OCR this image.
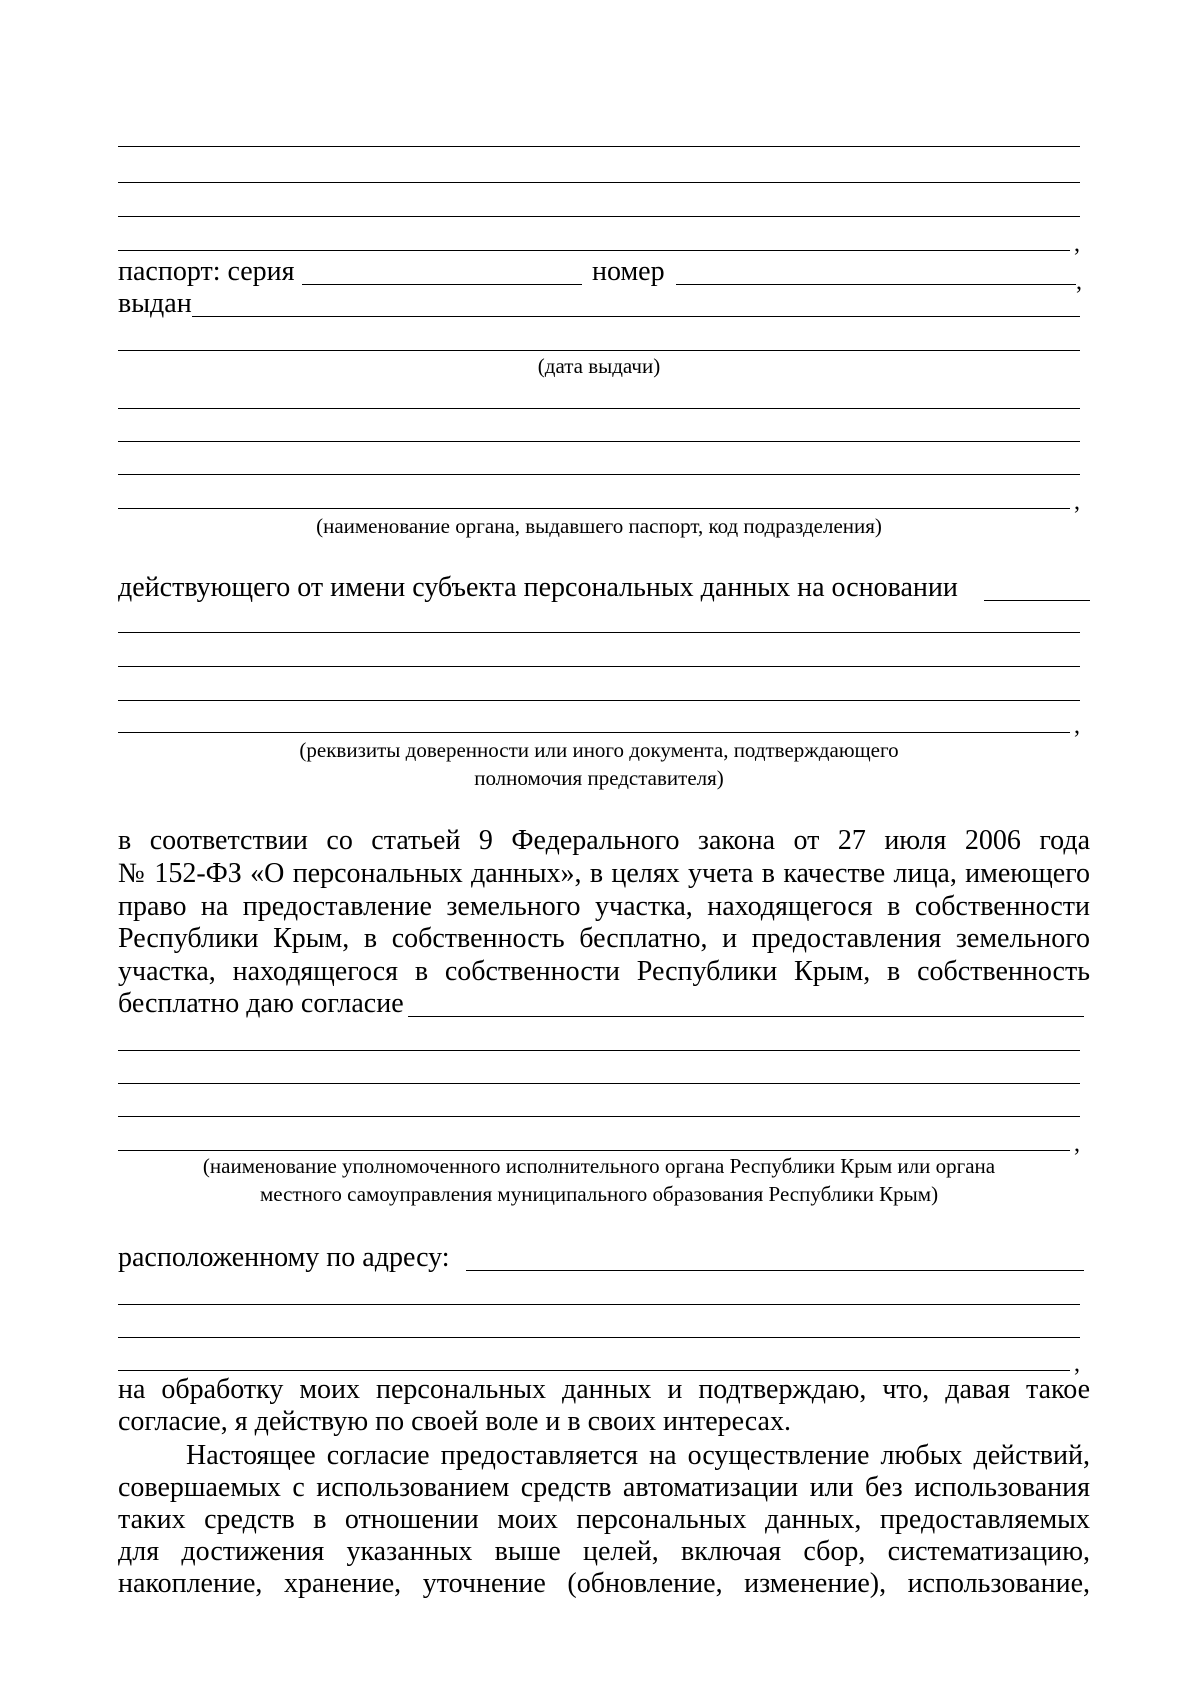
,
паспорт: серия	номер	,
выдан
(дата выдачи)
,
(наименование органа, выдавшего паспорт, код подразделения)
действующего от имени субъекта персональных данных на основании
,
(реквизиты доверенности или иного документа, подтверждающего
полномочия представителя)
в соответствии со статьей 9 Федерального закона от 27 июля 2006 года
№ 152-ФЗ «О персональных данных», в целях учета в качестве лица, имеющего
право на предоставление земельного участка, находящегося в собственности
Республики Крым, в собственность бесплатно, и предоставления земельного
участка, находящегося в собственности Республики Крым, в собственность
бесплатно даю согласие
,
(наименование уполномоченного исполнительного органа Республики Крым или органа
местного самоуправления муниципального образования Республики Крым)
расположенному по адресу:
,
на обработку моих персональных данных и подтверждаю, что, давая такое
согласие, я действую по своей воле и в своих интересах.
Настоящее согласие предоставляется на осуществление любых действий,
совершаемых с использованием средств автоматизации или без использования
таких средств в отношении моих персональных данных, предоставляемых
для достижения указанных выше целей, включая сбор, систематизацию,
накопление, хранение, уточнение (обновление, изменение), использование,
